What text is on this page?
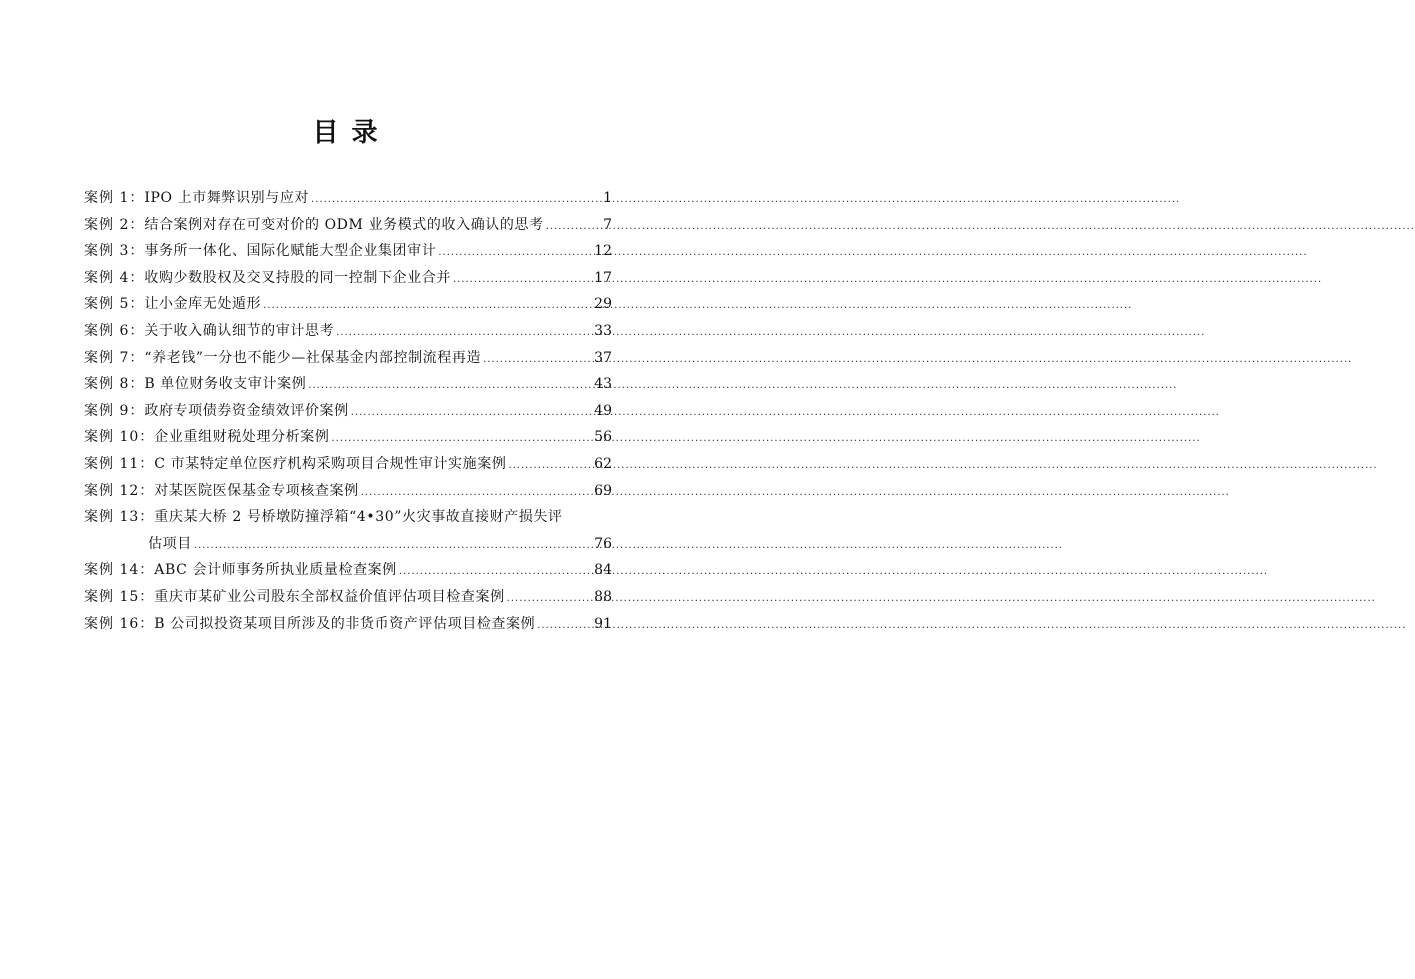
目 录
案例 1： IPO 上市舞弊识别与应对 .....	1
案例 2： 结合案例对存在可变对价的 ODM 业务模式的收入确认的思考 .....	7
案例 3： 事务所一体化、国际化赋能大型企业集团审计 .....	12
案例 4： 收购少数股权及交叉持股的同一控制下企业合并 .....	17
案例 5： 让小金库无处遁形 .....	29
案例 6： 关于收入确认细节的审计思考 .....	33
案例 7： “养老钱”一分也不能少—社保基金内部控制流程再造 .....	37
案例 8： B 单位财务收支审计案例 .....	43
案例 9： 政府专项债券资金绩效评价案例 .....	49
案例 10： 企业重组财税处理分析案例 .....	56
案例 11： C 市某特定单位医疗机构采购项目合规性审计实施案例 .....	62
案例 12： 对某医院医保基金专项核查案例 .....	69
案例 13： 重庆某大桥 2 号桥墩防撞浮箱“4•30”火灾事故直接财产损失评
估项目 .....	76
案例 14： ABC 会计师事务所执业质量检查案例 .....	84
案例 15： 重庆市某矿业公司股东全部权益价值评估项目检查案例 .....	88
案例 16： B 公司拟投资某项目所涉及的非货币资产评估项目检查案例 .....	91
